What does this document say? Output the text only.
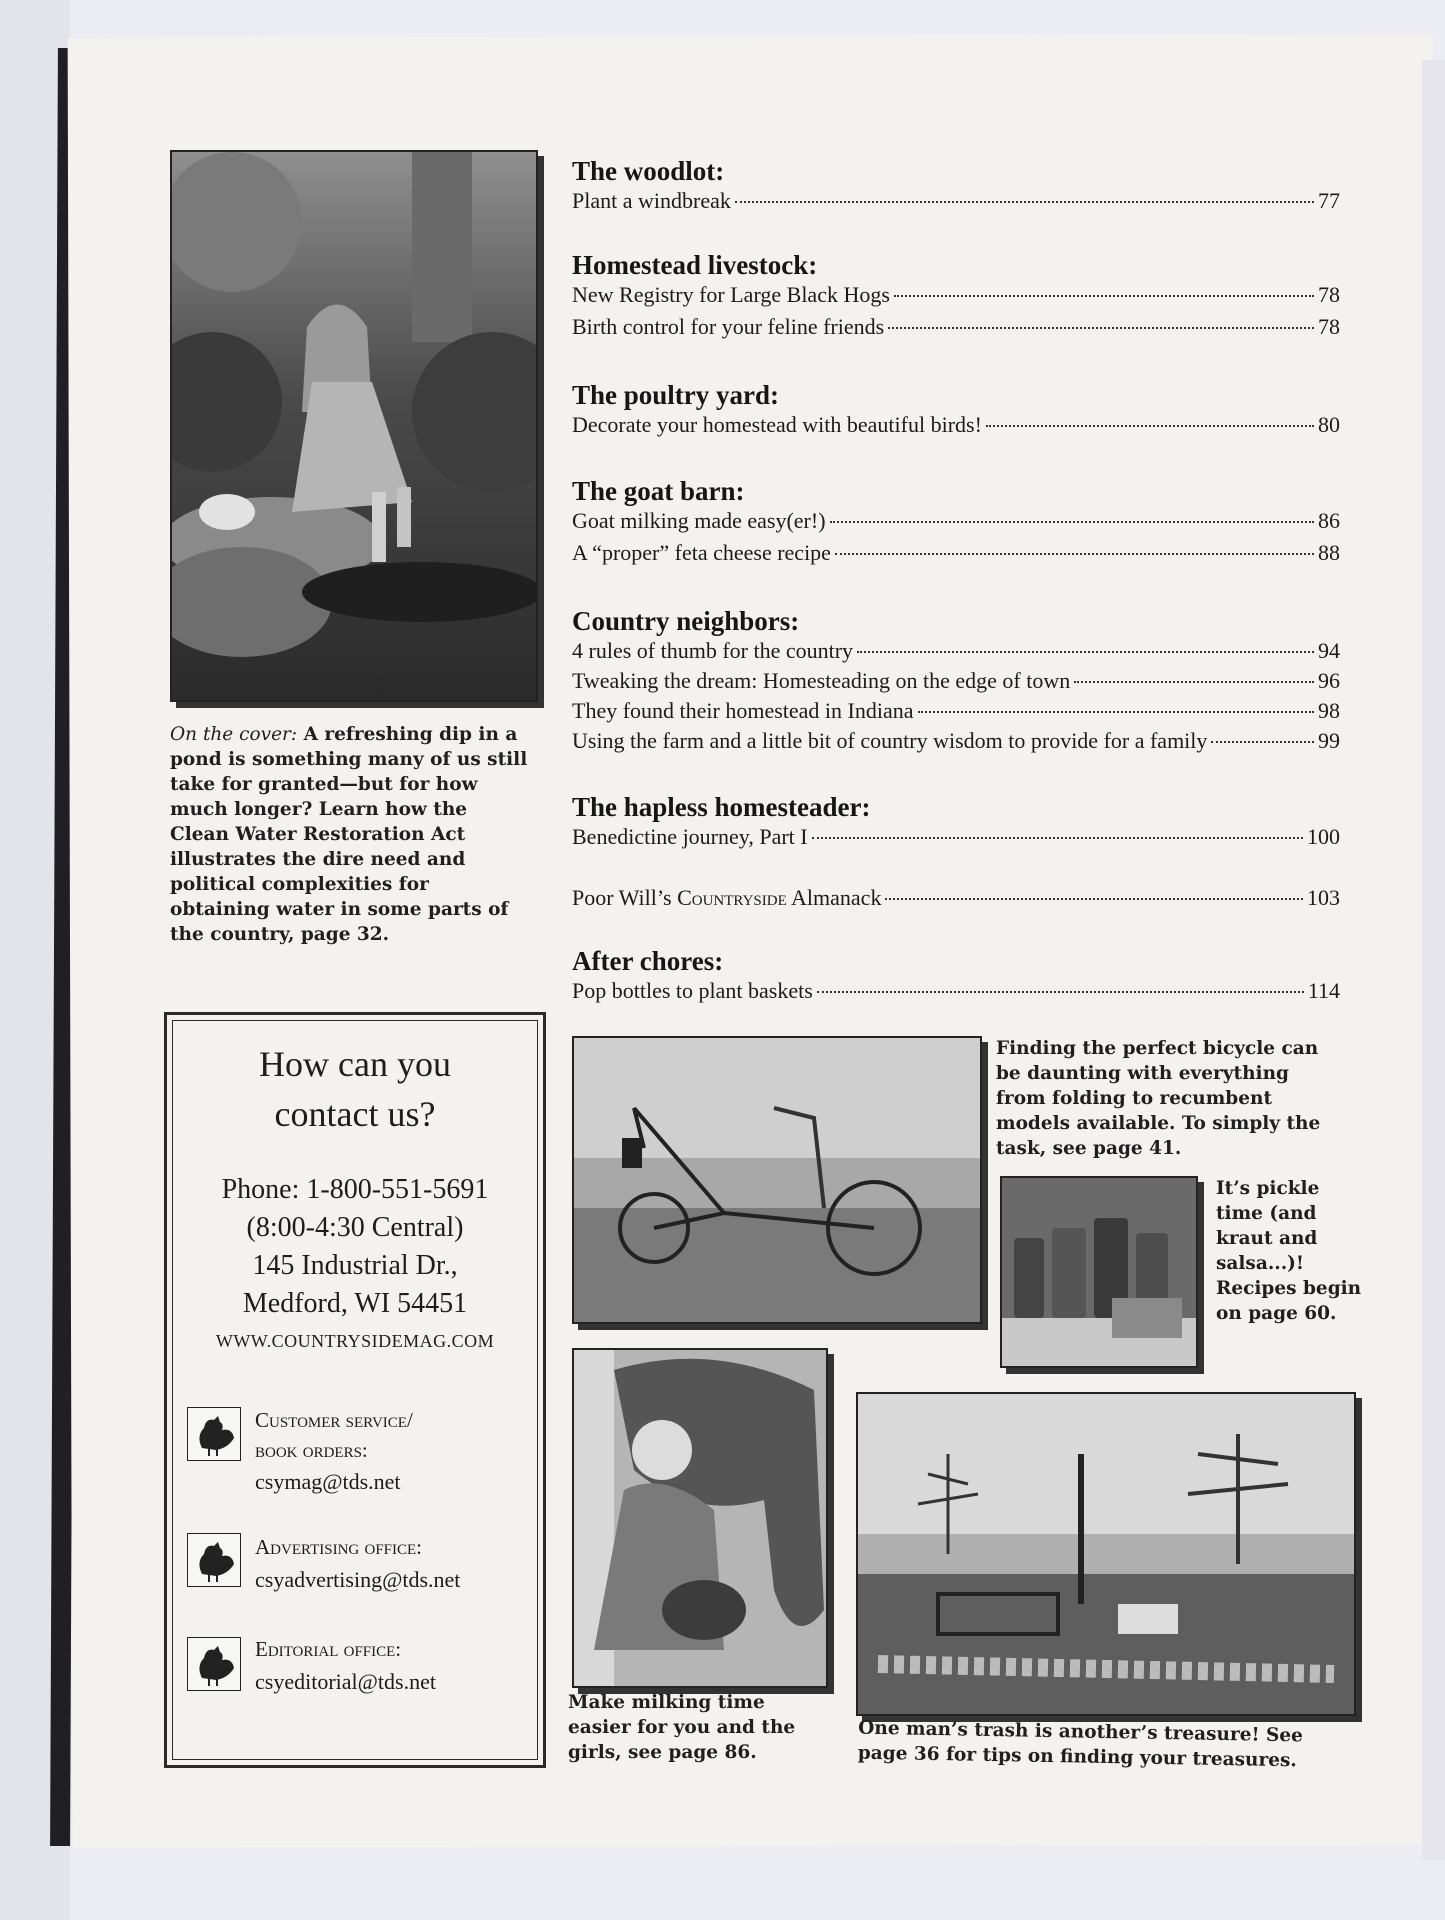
On the cover: A refreshing dip in a pond is something many of us still take for granted—but for how much longer? Learn how the Clean Water Restoration Act illustrates the dire need and political complexities for obtaining water in some parts of the country, page 32.
The woodlot:
Plant a windbreak	77
Homestead livestock:
New Registry for Large Black Hogs	78
Birth control for your feline friends	78
The poultry yard:
Decorate your homestead with beautiful birds!	80
The goat barn:
Goat milking made easy(er!)	86
A “proper” feta cheese recipe	88
Country neighbors:
4 rules of thumb for the country	94
Tweaking the dream: Homesteading on the edge of town	96
They found their homestead in Indiana	98
Using the farm and a little bit of country wisdom to provide for a family	99
The hapless homesteader:
Benedictine journey, Part I	100
Poor Will’s Countryside Almanack	103
After chores:
Pop bottles to plant baskets	114
How can you
contact us?
Phone: 1-800-551-5691
(8:00-4:30 Central)
145 Industrial Dr.,
Medford, WI 54451
WWW.COUNTRYSIDEMAG.COM
Customer service/
book orders:
csymag@tds.net
Advertising office:
csyadvertising@tds.net
Editorial office:
csyeditorial@tds.net
Finding the perfect bicycle can be daunting with everything from folding to recumbent models available. To simply the task, see page 41.
It’s pickle time (and kraut and salsa...)! Recipes begin on page 60.
Make milking time easier for you and the girls, see page 86.
One man’s trash is another’s treasure! See page 36 for tips on finding your treasures.
